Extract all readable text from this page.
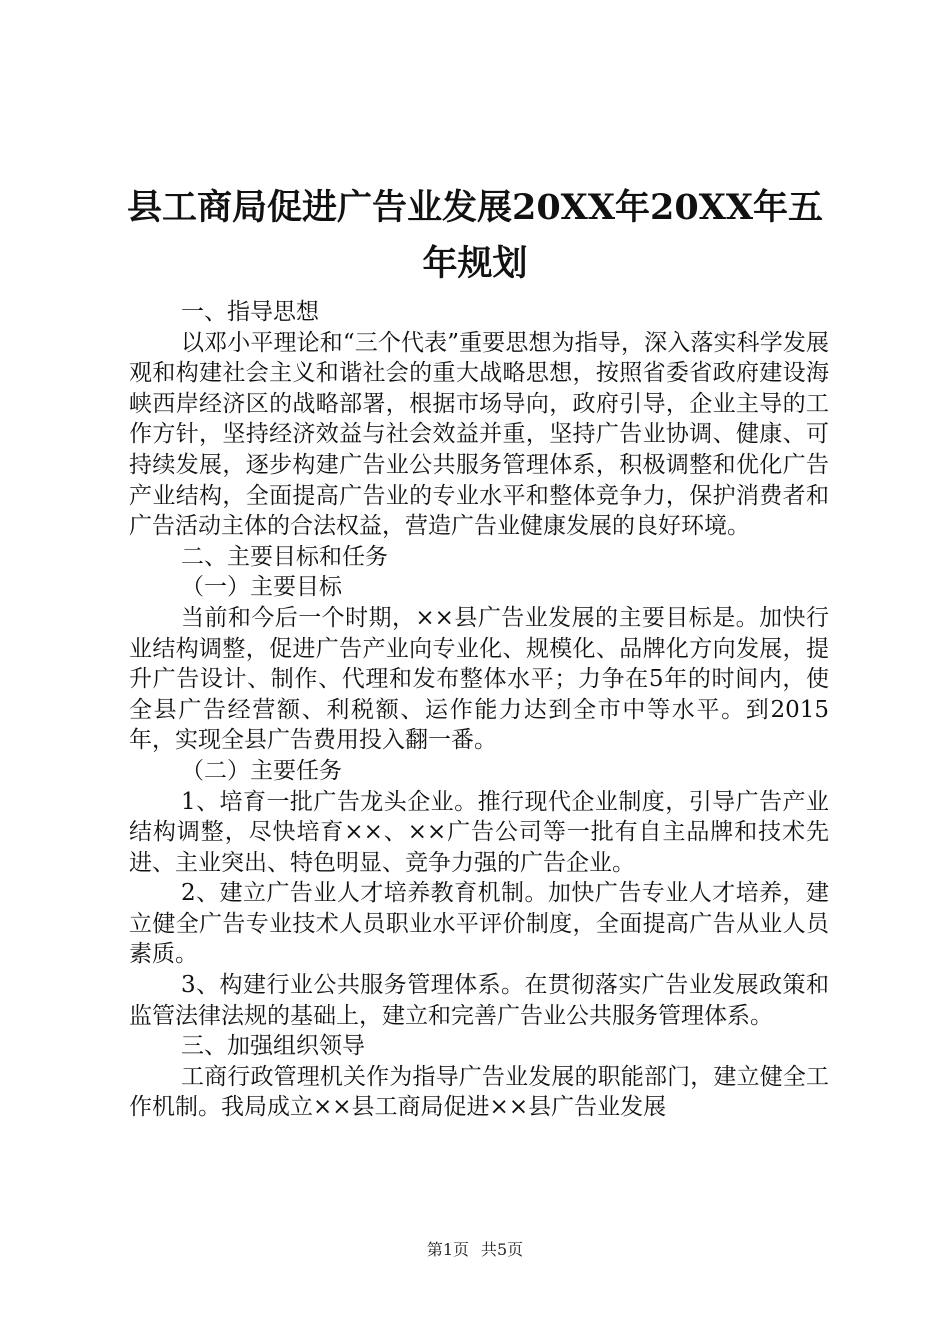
县工商局促进广告业发展20XX年20XX年五年规划

一、指导思想

以邓小平理论和“三个代表”重要思想为指导，深入落实科学发展观和构建社会主义和谐社会的重大战略思想，按照省委省政府建设海峡西岸经济区的战略部署，根据市场导向，政府引导，企业主导的工作方针，坚持经济效益与社会效益并重，坚持广告业协调、健康、可持续发展，逐步构建广告业公共服务管理体系，积极调整和优化广告产业结构，全面提高广告业的专业水平和整体竞争力，保护消费者和广告活动主体的合法权益，营造广告业健康发展的良好环境。

二、主要目标和任务

（一）主要目标

当前和今后一个时期，××县广告业发展的主要目标是。加快行业结构调整，促进广告产业向专业化、规模化、品牌化方向发展，提升广告设计、制作、代理和发布整体水平；力争在5年的时间内，使全县广告经营额、利税额、运作能力达到全市中等水平。到2015年，实现全县广告费用投入翻一番。

（二）主要任务

1、培育一批广告龙头企业。推行现代企业制度，引导广告产业结构调整，尽快培育××、××广告公司等一批有自主品牌和技术先进、主业突出、特色明显、竞争力强的广告企业。

2、建立广告业人才培养教育机制。加快广告专业人才培养，建立健全广告专业技术人员职业水平评价制度，全面提高广告从业人员素质。

3、构建行业公共服务管理体系。在贯彻落实广告业发展政策和监管法律法规的基础上，建立和完善广告业公共服务管理体系。

三、加强组织领导

工商行政管理机关作为指导广告业发展的职能部门，建立健全工作机制。我局成立××县工商局促进××县广告业发展

第1页 共5页
